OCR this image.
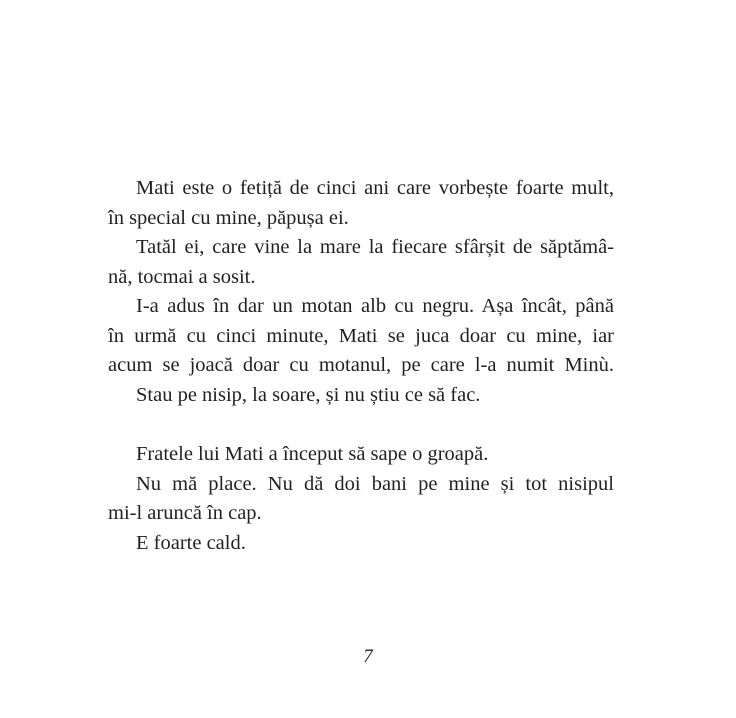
Mati este o fetiță de cinci ani care vorbește foarte mult,
în special cu mine, păpușa ei.
Tatăl ei, care vine la mare la fiecare sfârșit de săptămâ-
nă, tocmai a sosit.
I-a adus în dar un motan alb cu negru. Așa încât, până
în urmă cu cinci minute, Mati se juca doar cu mine, iar
acum se joacă doar cu motanul, pe care l-a numit Minù.
Stau pe nisip, la soare, și nu știu ce să fac.
Fratele lui Mati a început să sape o groapă.
Nu mă place. Nu dă doi bani pe mine și tot nisipul
mi-l aruncă în cap.
E foarte cald.
7
